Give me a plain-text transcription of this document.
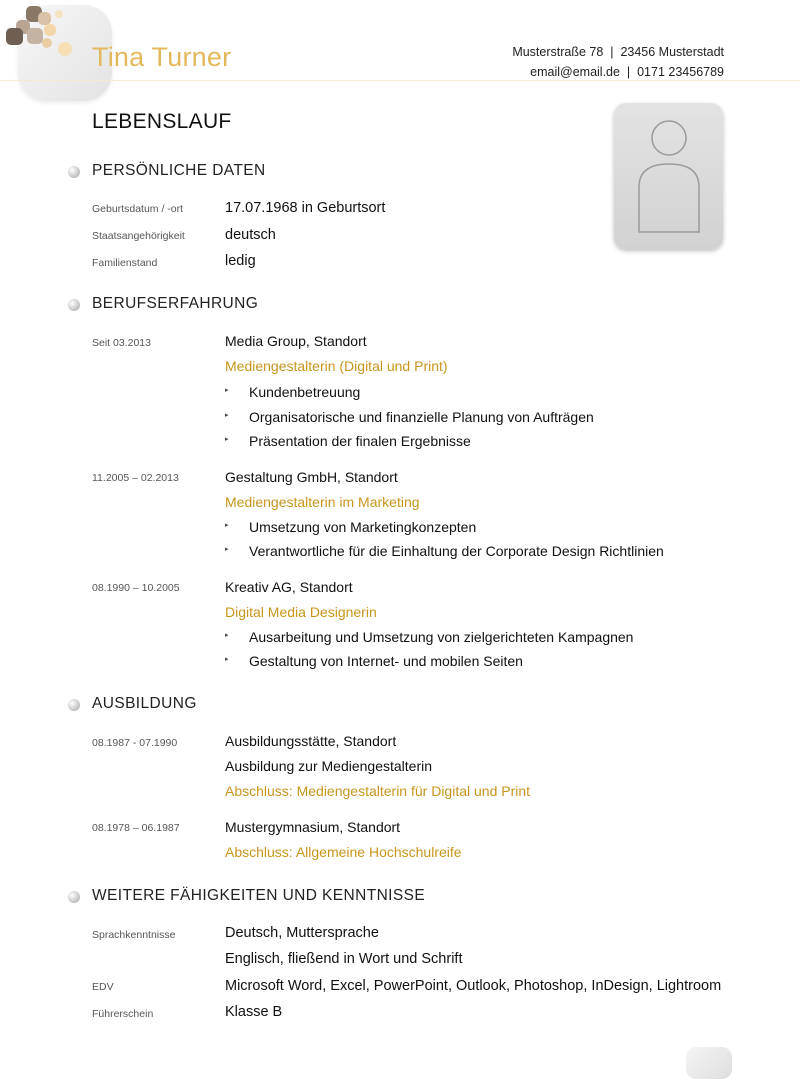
Tina Turner	Musterstraße 78  |  23456 Musterstadt
email@email.de  |  0171 23456789
LEBENSLAUF
PERSÖNLICHE DATEN
Geburtsdatum / -ort	17.07.1968 in Geburtsort
Staatsangehörigkeit	deutsch
Familienstand	ledig
BERUFSERFAHRUNG
Seit 03.2013	Media Group, Standort
Mediengestalterin (Digital und Print)
▸ Kundenbetreuung
▸ Organisatorische und finanzielle Planung von Aufträgen
▸ Präsentation der finalen Ergebnisse
11.2005 – 02.2013	Gestaltung GmbH, Standort
Mediengestalterin im Marketing
▸ Umsetzung von Marketingkonzepten
▸ Verantwortliche für die Einhaltung der Corporate Design Richtlinien
08.1990 – 10.2005	Kreativ AG, Standort
Digital Media Designerin
▸ Ausarbeitung und Umsetzung von zielgerichteten Kampagnen
▸ Gestaltung von Internet- und mobilen Seiten
AUSBILDUNG
08.1987 - 07.1990	Ausbildungsstätte, Standort
Ausbildung zur Mediengestalterin
Abschluss: Mediengestalterin für Digital und Print
08.1978 – 06.1987	Mustergymnasium, Standort
Abschluss: Allgemeine Hochschulreife
WEITERE FÄHIGKEITEN UND KENNTNISSE
Sprachkenntnisse	Deutsch, Muttersprache
Englisch, fließend in Wort und Schrift
EDV	Microsoft Word, Excel, PowerPoint, Outlook, Photoshop, InDesign, Lightroom
Führerschein	Klasse B
